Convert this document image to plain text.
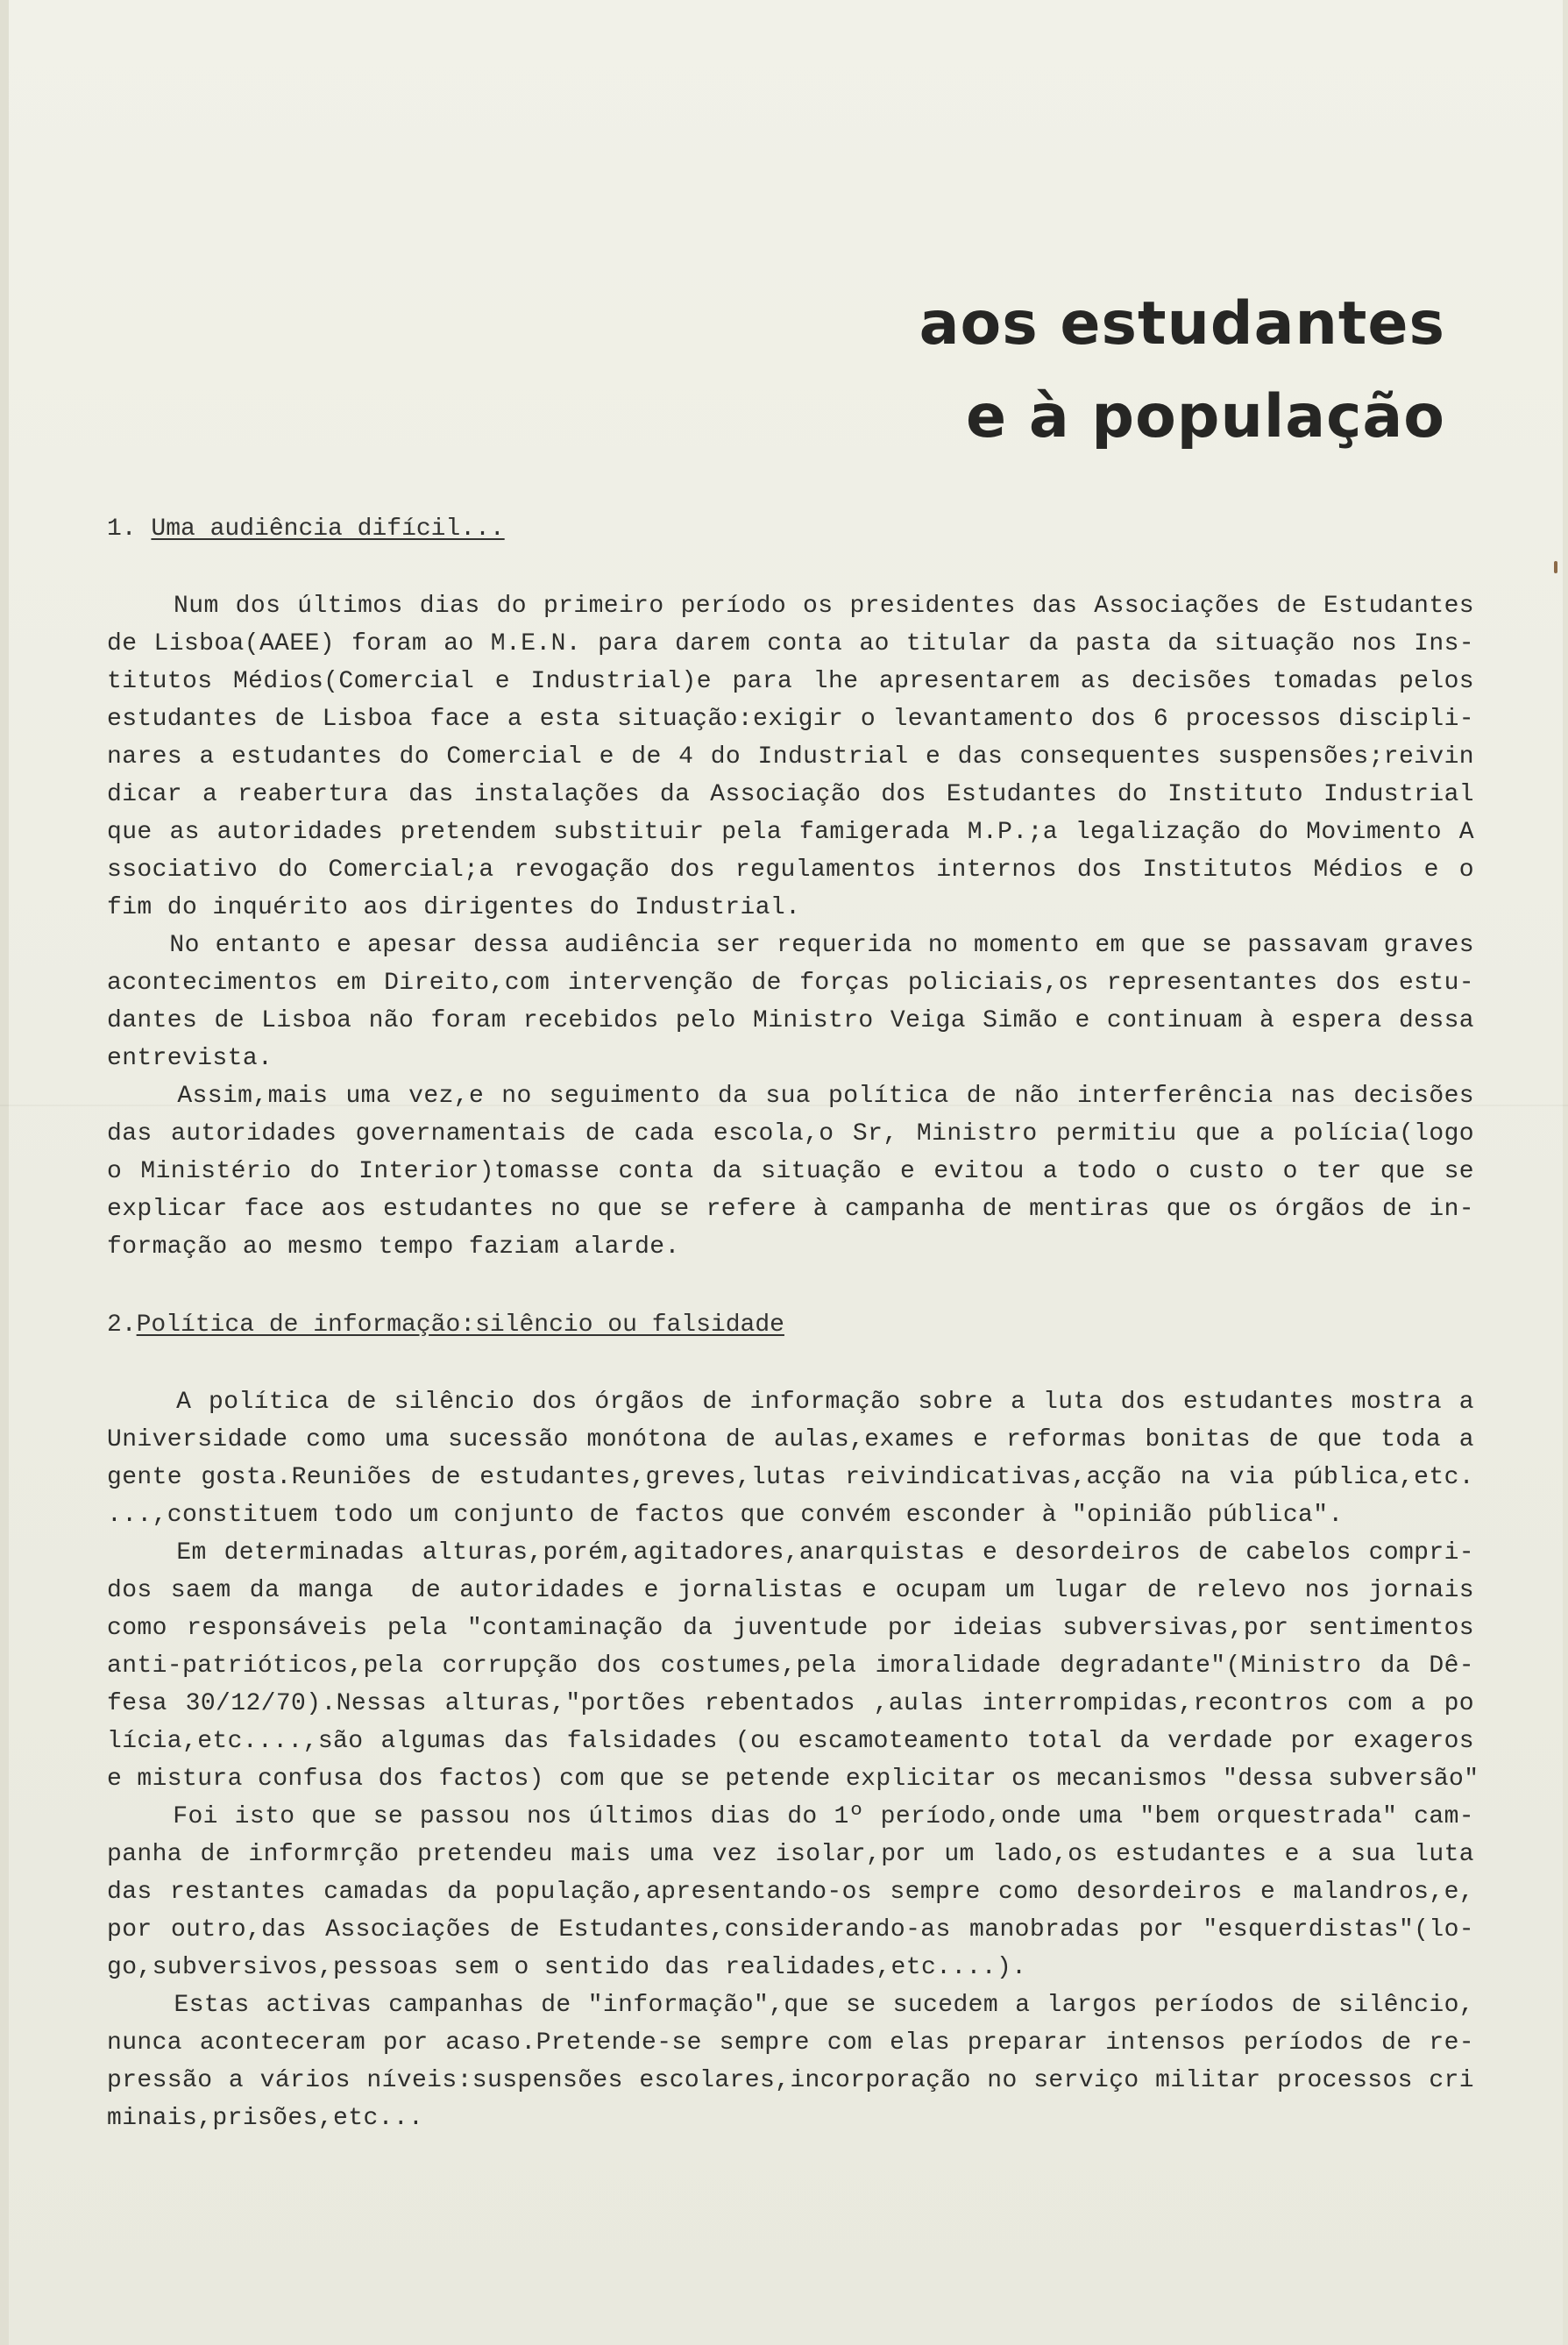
aos estudantes
e à população
1. Uma audiência difícil...
Num dos últimos dias do primeiro período os presidentes das Associações de Estudantes
de Lisboa(AAEE) foram ao M.E.N. para darem conta ao titular da pasta da situação nos Ins-
titutos Médios(Comercial e Industrial)e para lhe apresentarem as decisões tomadas pelos
estudantes de Lisboa face a esta situação:exigir o levantamento dos 6 processos discipli-
nares a estudantes do Comercial e de 4 do Industrial e das consequentes suspensões;reivin
dicar a reabertura das instalações da Associação dos Estudantes do Instituto Industrial
que as autoridades pretendem substituir pela famigerada M.P.;a legalização do Movimento A
ssociativo do Comercial;a revogação dos regulamentos internos dos Institutos Médios e o
fim do inquérito aos dirigentes do Industrial.
No entanto e apesar dessa audiência ser requerida no momento em que se passavam graves
acontecimentos em Direito,com intervenção de forças policiais,os representantes dos estu-
dantes de Lisboa não foram recebidos pelo Ministro Veiga Simão e continuam à espera dessa
entrevista.
Assim,mais uma vez,e no seguimento da sua política de não interferência nas decisões
das autoridades governamentais de cada escola,o Sr, Ministro permitiu que a polícia(logo
o Ministério do Interior)tomasse conta da situação e evitou a todo o custo o ter que se
explicar face aos estudantes no que se refere à campanha de mentiras que os órgãos de in-
formação ao mesmo tempo faziam alarde.
2.Política de informação:silêncio ou falsidade
A política de silêncio dos órgãos de informação sobre a luta dos estudantes mostra a
Universidade como uma sucessão monótona de aulas,exames e reformas bonitas de que toda a
gente gosta.Reuniões de estudantes,greves,lutas reivindicativas,acção na via pública,etc.
...,constituem todo um conjunto de factos que convém esconder à "opinião pública".
Em determinadas alturas,porém,agitadores,anarquistas e desordeiros de cabelos compri-
dos saem da manga  de autoridades e jornalistas e ocupam um lugar de relevo nos jornais
como responsáveis pela "contaminação da juventude por ideias subversivas,por sentimentos
anti-patrióticos,pela corrupção dos costumes,pela imoralidade degradante"(Ministro da Dê-
fesa 30/12/70).Nessas alturas,"portões rebentados ,aulas interrompidas,recontros com a po
lícia,etc....,são algumas das falsidades (ou escamoteamento total da verdade por exageros
e mistura confusa dos factos) com que se petende explicitar os mecanismos "dessa subversão"
Foi isto que se passou nos últimos dias do 1º período,onde uma "bem orquestrada" cam-
panha de informrção pretendeu mais uma vez isolar,por um lado,os estudantes e a sua luta
das restantes camadas da população,apresentando-os sempre como desordeiros e malandros,e,
por outro,das Associações de Estudantes,considerando-as manobradas por "esquerdistas"(lo-
go,subversivos,pessoas sem o sentido das realidades,etc....).
Estas activas campanhas de "informação",que se sucedem a largos períodos de silêncio,
nunca aconteceram por acaso.Pretende-se sempre com elas preparar intensos períodos de re-
pressão a vários níveis:suspensões escolares,incorporação no serviço militar processos cri
minais,prisões,etc...
